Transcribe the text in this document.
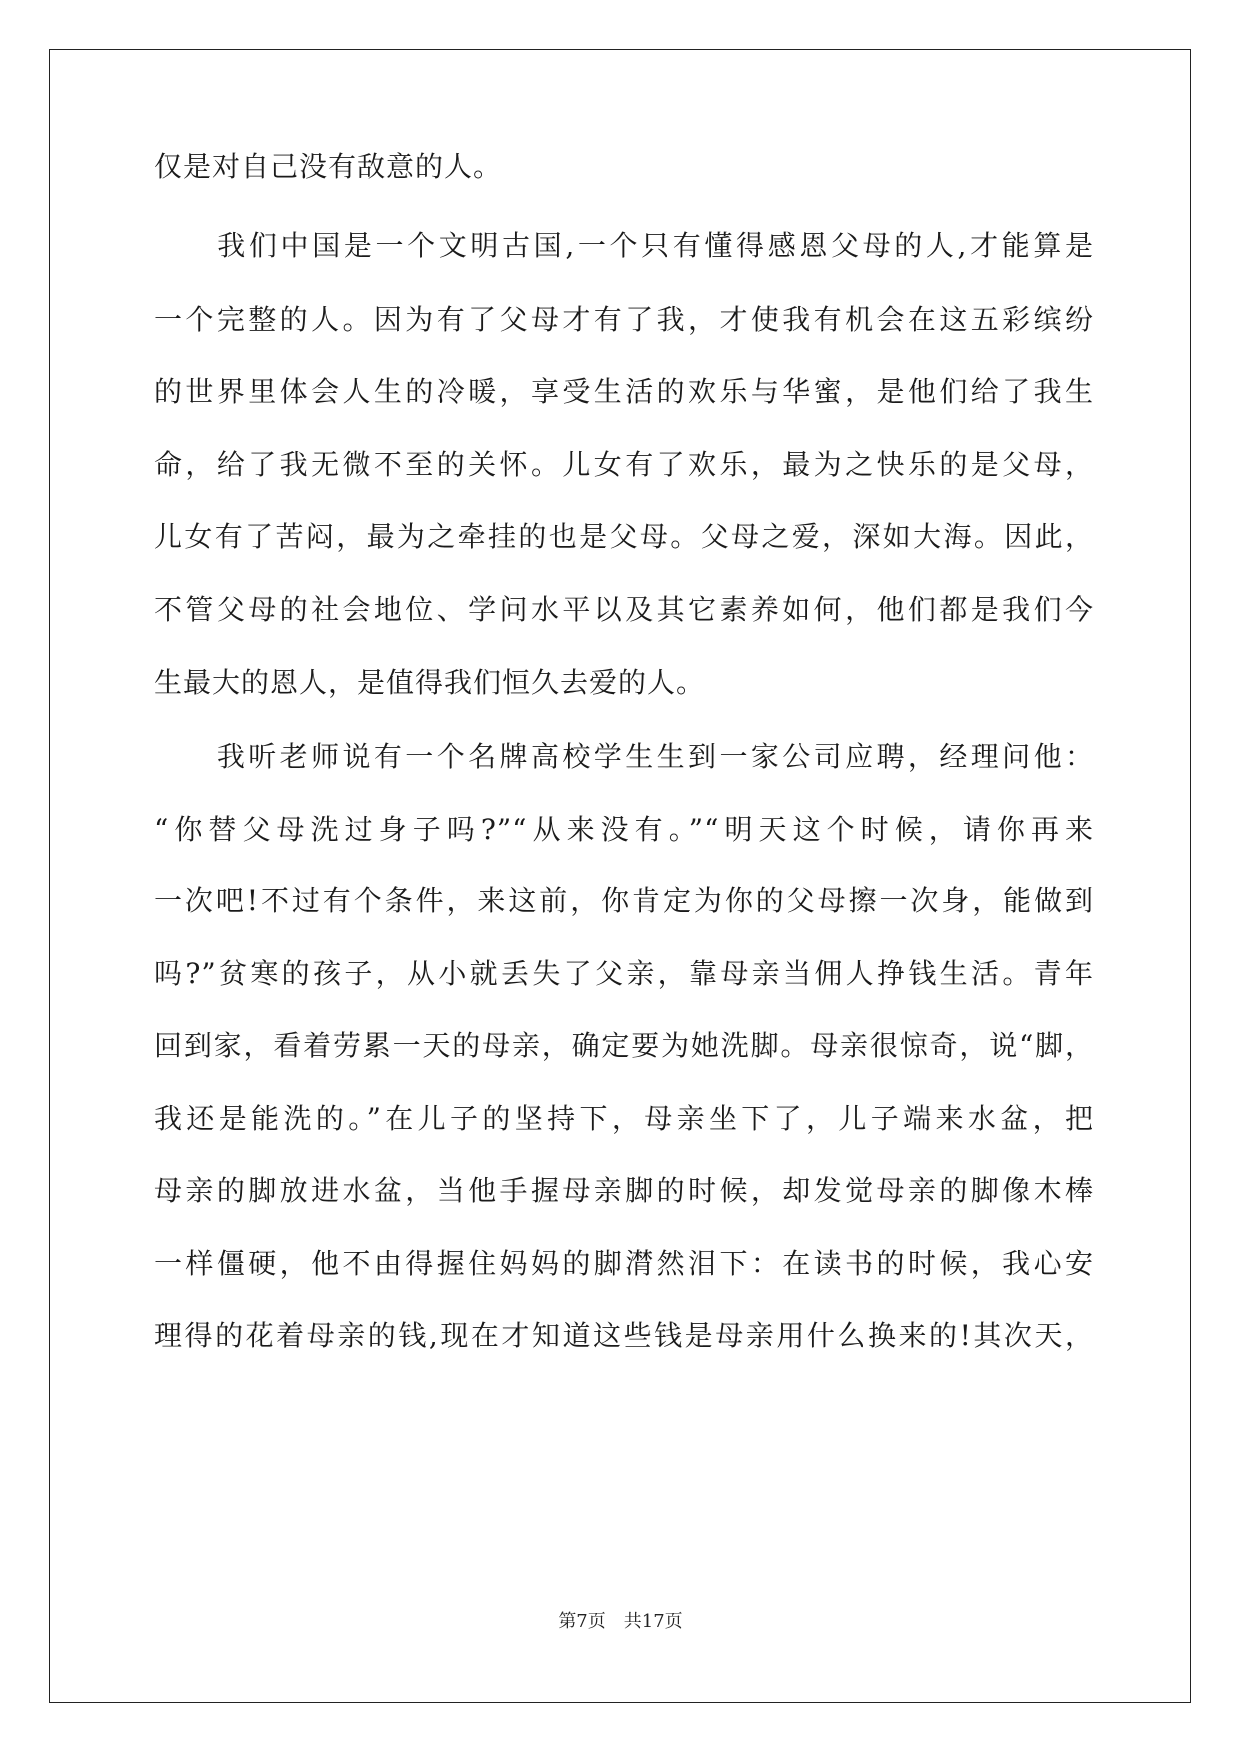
仅是对自己没有敌意的人。
　　我们中国是一个文明古国,一个只有懂得感恩父母的人,才能算是
一个完整的人。因为有了父母才有了我，才使我有机会在这五彩缤纷
的世界里体会人生的冷暖，享受生活的欢乐与华蜜，是他们给了我生
命，给了我无微不至的关怀。儿女有了欢乐，最为之快乐的是父母，
儿女有了苦闷，最为之牵挂的也是父母。父母之爱，深如大海。因此，
不管父母的社会地位、学问水平以及其它素养如何，他们都是我们今
生最大的恩人，是值得我们恒久去爱的人。
　　我听老师说有一个名牌高校学生生到一家公司应聘，经理问他：
“你替父母洗过身子吗?”“从来没有。”“明天这个时候，请你再来
一次吧!不过有个条件，来这前，你肯定为你的父母擦一次身，能做到
吗?”贫寒的孩子，从小就丢失了父亲，靠母亲当佣人挣钱生活。青年
回到家，看着劳累一天的母亲，确定要为她洗脚。母亲很惊奇，说“脚，
我还是能洗的。”在儿子的坚持下，母亲坐下了，儿子端来水盆，把
母亲的脚放进水盆，当他手握母亲脚的时候，却发觉母亲的脚像木棒
一样僵硬，他不由得握住妈妈的脚潸然泪下：在读书的时候，我心安
理得的花着母亲的钱,现在才知道这些钱是母亲用什么换来的!其次天，
第7页　共17页
